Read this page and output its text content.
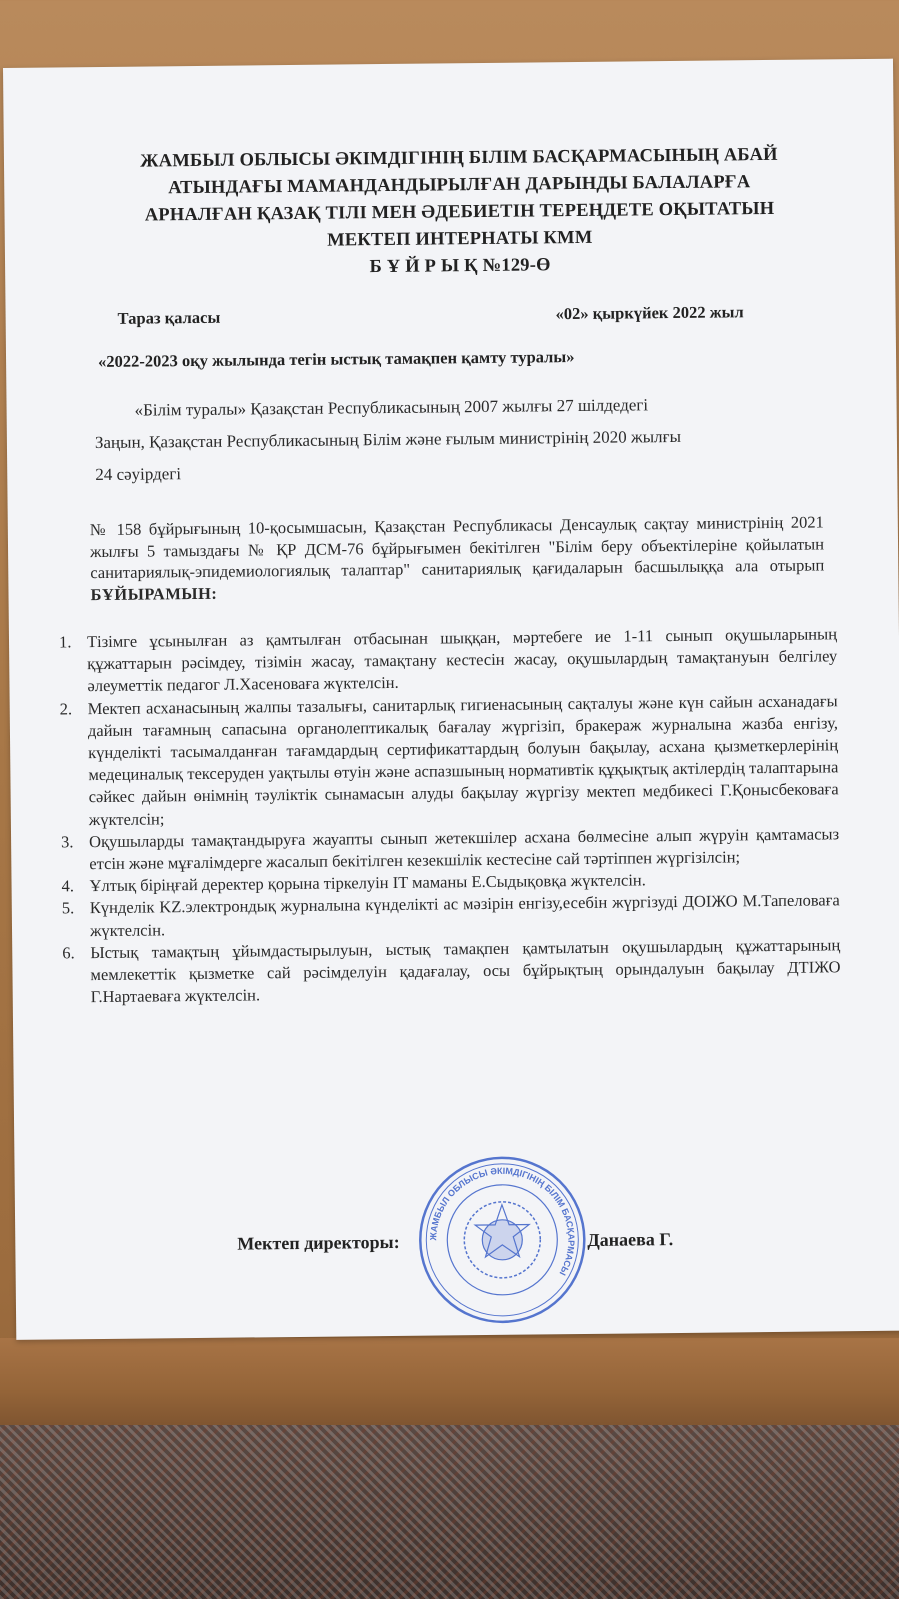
ЖАМБЫЛ ОБЛЫСЫ ӘКІМДІГІНІҢ БІЛІМ БАСҚАРМАСЫНЫҢ АБАЙ
АТЫНДАҒЫ МАМАНДАНДЫРЫЛҒАН ДАРЫНДЫ БАЛАЛАРҒА
АРНАЛҒАН ҚАЗАҚ ТІЛІ МЕН ӘДЕБИЕТІН ТЕРЕҢДЕТЕ ОҚЫТАТЫН
МЕКТЕП ИНТЕРНАТЫ КММ
Б Ұ Й Р Ы Қ №129-Ө
Тараз қаласы	«02» қыркүйек 2022 жыл
«2022-2023 оқу жылында тегін ыстық тамақпен қамту туралы»
«Білім туралы» Қазақстан Республикасының 2007 жылғы 27 шілдедегі
Заңын, Қазақстан Республикасының Білім және ғылым министрінің 2020 жылғы
24 сәуірдегі
№ 158 бұйрығының 10-қосымшасын, Қазақстан Республикасы Денсаулық сақтау министрінің 2021 жылғы 5 тамыздағы № ҚР ДСМ-76 бұйрығымен бекітілген "Білім беру объектілеріне қойылатын санитариялық-эпидемиологиялық талаптар" санитариялық қағидаларын басшылыққа ала отырып БҰЙЫРАМЫН:
1. Тізімге ұсынылған аз қамтылған отбасынан шыққан, мәртебеге ие 1-11 сынып оқушыларының құжаттарын рәсімдеу, тізімін жасау, тамақтану кестесін жасау, оқушылардың тамақтануын белгілеу әлеуметтік педагог Л.Хасеноваға жүктелсін.
2. Мектеп асханасының жалпы тазалығы, санитарлық гигиенасының сақталуы және күн сайын асханадағы дайын тағамның сапасына органолептикалық бағалау жүргізіп, бракераж журналына жазба енгізу, күнделікті тасымалданған тағамдардың сертификаттардың болуын бақылау, асхана қызметкерлерінің медециналық тексеруден уақтылы өтуін және аспазшының нормативтік құқықтық актілердің талаптарына сәйкес дайын өнімнің тәуліктік сынамасын алуды бақылау жүргізу мектеп медбикесі Г.Қонысбековаға жүктелсін;
3. Оқушыларды тамақтандыруға жауапты сынып жетекшілер асхана бөлмесіне алып жүруін қамтамасыз етсін және мұғалімдерге жасалып бекітілген кезекшілік кестесіне сай тәртіппен жүргізілсін;
4. Ұлтық біріңғай деректер қорына тіркелуін IT маманы Е.Сыдықовқа жүктелсін.
5. Күнделік KZ.электрондық журналына күнделікті ас мәзірін енгізу,есебін жүргізуді ДОІЖО М.Тапеловаға жүктелсін.
6. Ыстық тамақтың ұйымдастырылуын, ыстық тамақпен қамтылатын оқушылардың құжаттарының мемлекеттік қызметке сай рәсімделуін қадағалау, осы бұйрықтың орындалуын бақылау ДТІЖО Г.Нартаеваға жүктелсін.
ЖАМБЫЛ ОБЛЫСЫ ӘКІМДІГІНІҢ БІЛІМ БАСҚАРМАСЫ
Мектеп директоры:	Данаева Г.
